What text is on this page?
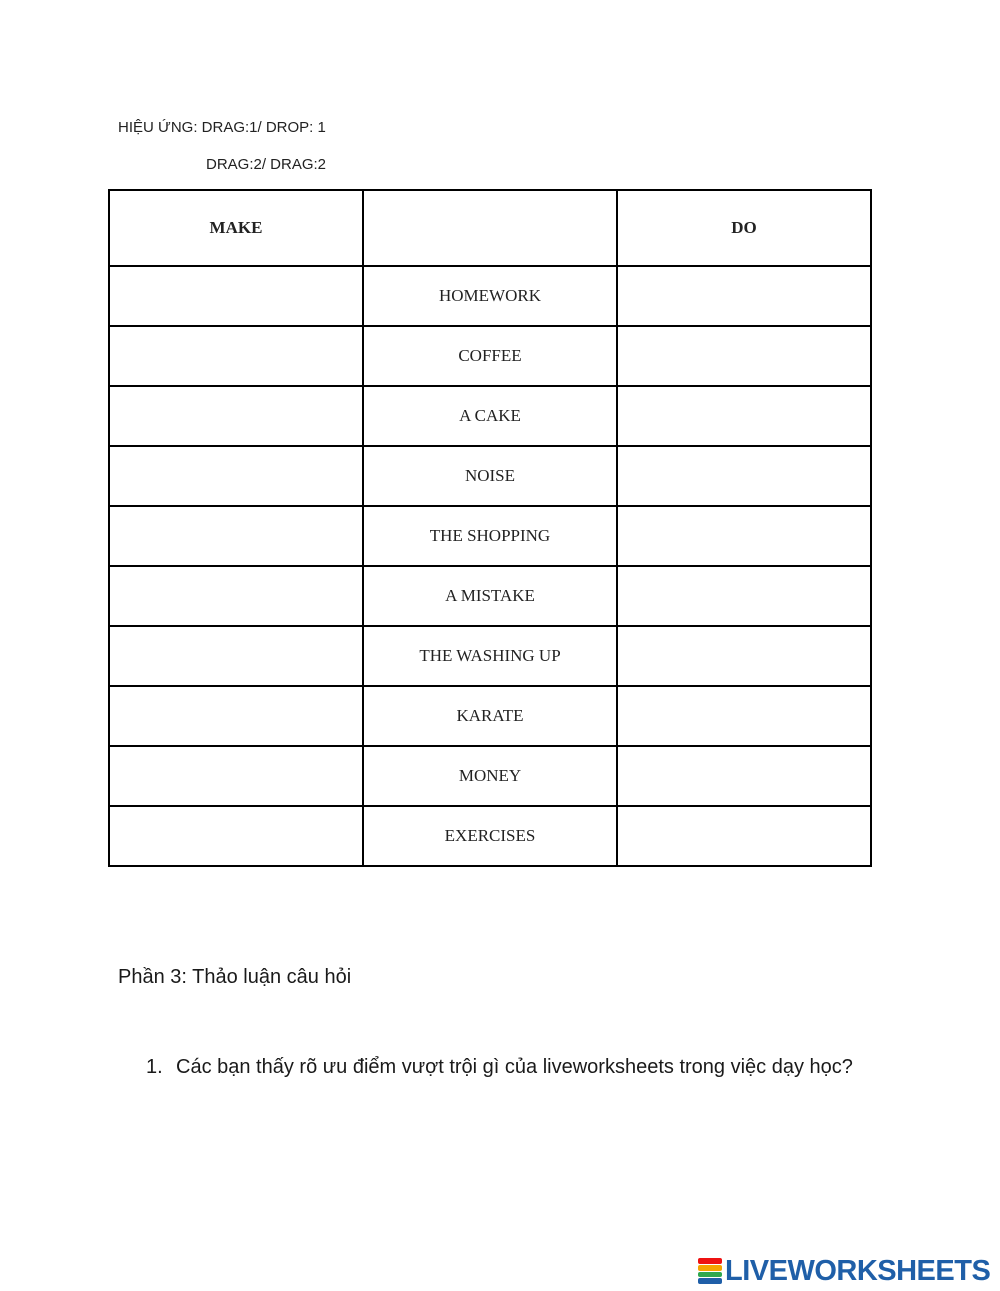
HIỆU ỨNG: DRAG:1/ DROP: 1
DRAG:2/ DRAG:2
MAKE		DO
	HOMEWORK	
	COFFEE	
	A CAKE	
	NOISE	
	THE SHOPPING	
	A MISTAKE	
	THE WASHING UP	
	KARATE	
	MONEY	
	EXERCISES	
Phần 3: Thảo luận câu hỏi
1. Các bạn thấy rõ ưu điểm vượt trội gì của liveworksheets trong việc dạy học?
LIVEWORKSHEETS
